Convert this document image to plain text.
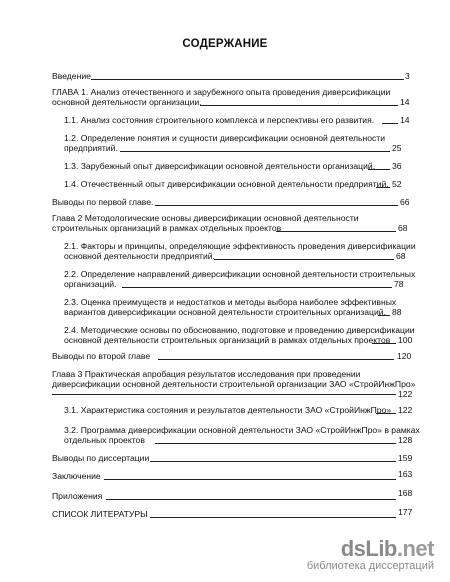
СОДЕРЖАНИЕ
Введение	3
ГЛАВА 1. Анализ отечественного и зарубежного опыта проведения диверсификации
основной деятельности организации.	14
1.1. Анализ состояния строительного комплекса и перспективы его развития.	14
1.2. Определение понятия и сущности диверсификации основной деятельности
предприятий.	25
1.3. Зарубежный опыт диверсификации основной деятельности организаций. 36
1.4. Отечественный опыт диверсификации основной деятельности предприятий. 52
Выводы по первой главе.	66
Глава 2 Методологические основы диверсификации основной деятельности
строительных организаций в рамках отдельных проектов	68
2.1. Факторы и принципы, определяющие эффективность проведения диверсификации
основной деятельности предприятий.	68
2.2. Определение направлений диверсификации основной деятельности строительных
организаций.	78
2.3. Оценка преимуществ и недостатков и методы выбора наиболее эффективных
вариантов диверсификации основной деятельности строительных организаций. 88
2.4. Методические основы по обоснованию, подготовке и проведению диверсификации
основной деятельности строительных организаций в рамках отдельных проектов 100
Выводы по второй главе	120
Глава 3 Практическая апробация результатов исследования при проведении
диверсификации основной деятельности строительной организации ЗАО «СтройИнжПро»
122
3.1. Характеристика состояния и результатов деятельности ЗАО «СтройИнжПро» 122
3.2. Программа диверсификации основной деятельности ЗАО «СтройИнжПро» в рамках
отдельных проектов	128
Выводы по диссертации	159
Заключение	163
Приложения	168
СПИСОК ЛИТЕРАТУРЫ	177
dsLib.net
библиотека диссертаций
